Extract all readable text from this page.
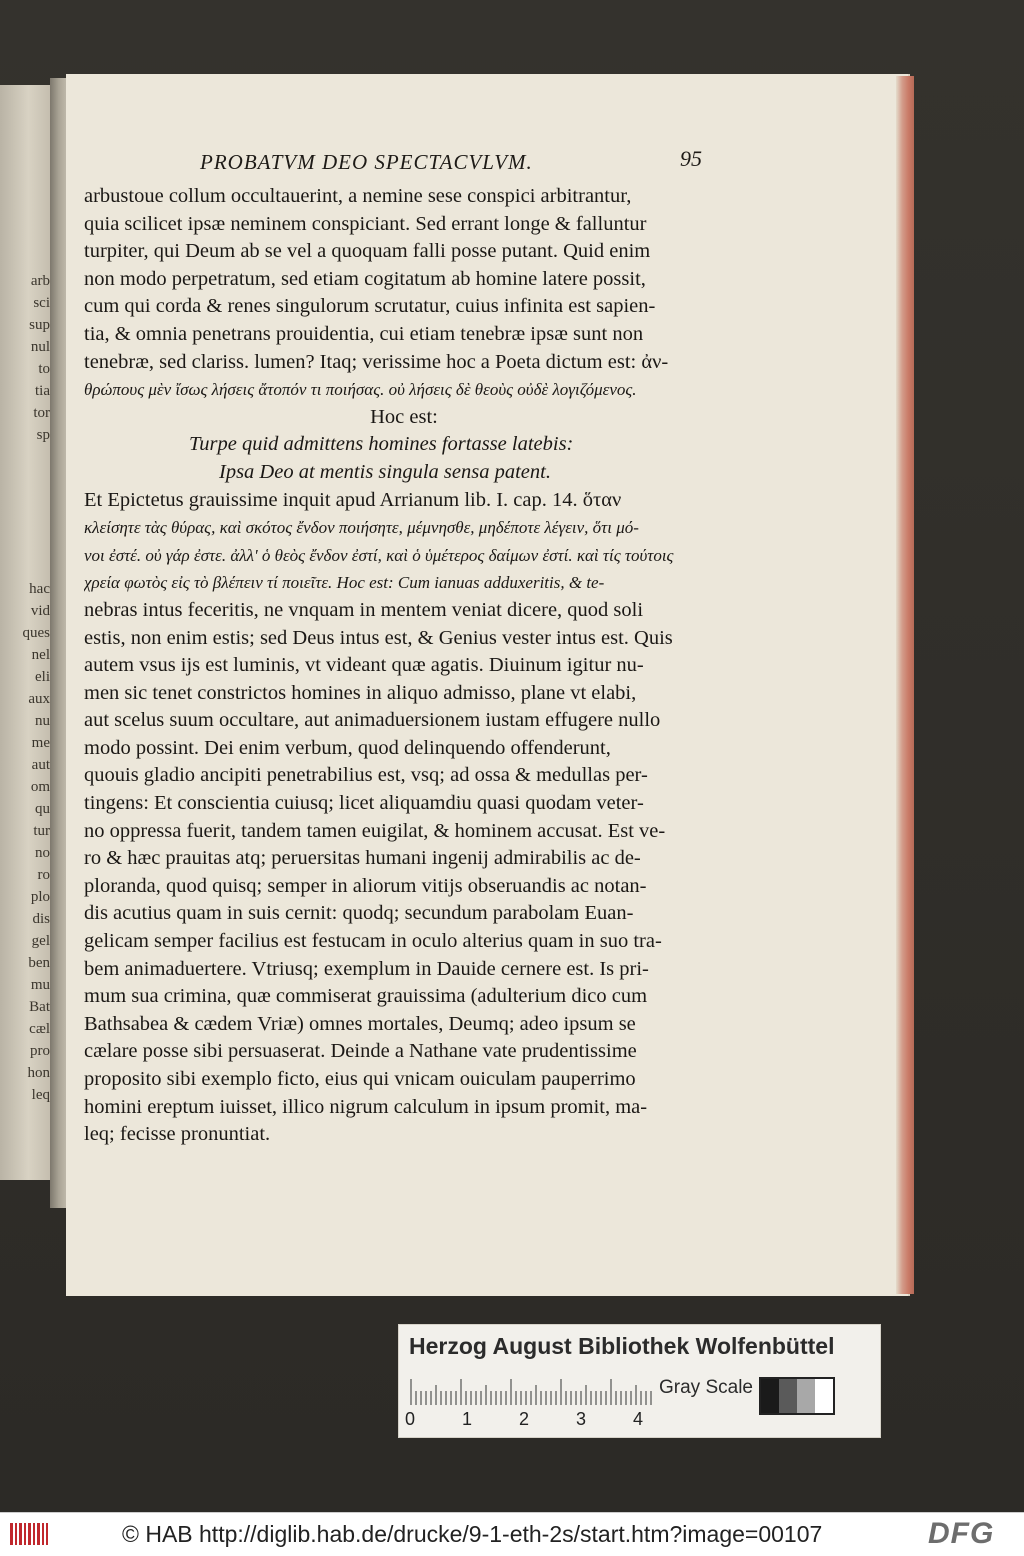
arb
sci
sup
nul
to
tia
tor
sp
hac
vid
ques
nel
eli
aux
nu
me
aut
om
qu
tur
no
ro
plo
dis
gel
ben
mu
Bat
cæl
pro
hon
leq
PROBATVM DEO SPECTACVLVM.	95
arbustoue collum occultauerint, a nemine sese conspici arbitrantur,
quia scilicet ipsæ neminem conspiciant. Sed errant longe & falluntur
turpiter, qui Deum ab se vel a quoquam falli posse putant. Quid enim
non modo perpetratum, sed etiam cogitatum ab homine latere possit,
cum qui corda & renes singulorum scrutatur, cuius infinita est sapien-
tia, & omnia penetrans prouidentia, cui etiam tenebræ ipsæ sunt non
tenebræ, sed clariss. lumen? Itaq; verissime hoc a Poeta dictum est: ἀν-
θρώπους μὲν ἴσως λήσεις ἄτοπόν τι ποιήσας. οὐ λήσεις δὲ θεοὺς οὐδὲ λογιζόμενος.
Hoc est:
Turpe quid admittens homines fortasse latebis:
Ipsa Deo at mentis singula sensa patent.
Et Epictetus grauissime inquit apud Arrianum lib. I. cap. 14. ὅταν
κλείσητε τὰς θύρας, καὶ σκότος ἔνδον ποιήσητε, μέμνησθε, μηδέποτε λέγειν, ὅτι μό-
νοι ἐστέ. οὐ γάρ ἐστε. ἀλλ' ὁ θεὸς ἔνδον ἐστί, καὶ ὁ ὑμέτερος δαίμων ἐστί. καὶ τίς τούτοις
χρεία φωτὸς εἰς τὸ βλέπειν τί ποιεῖτε. Hoc est: Cum ianuas adduxeritis, & te-
nebras intus feceritis, ne vnquam in mentem veniat dicere, quod soli
estis, non enim estis; sed Deus intus est, & Genius vester intus est. Quis
autem vsus ijs est luminis, vt videant quæ agatis. Diuinum igitur nu-
men sic tenet constrictos homines in aliquo admisso, plane vt elabi,
aut scelus suum occultare, aut animaduersionem iustam effugere nullo
modo possint. Dei enim verbum, quod delinquendo offenderunt,
quouis gladio ancipiti penetrabilius est, vsq; ad ossa & medullas per-
tingens: Et conscientia cuiusq; licet aliquamdiu quasi quodam veter-
no oppressa fuerit, tandem tamen euigilat, & hominem accusat. Est ve-
ro & hæc prauitas atq; peruersitas humani ingenij admirabilis ac de-
ploranda, quod quisq; semper in aliorum vitijs obseruandis ac notan-
dis acutius quam in suis cernit: quodq; secundum parabolam Euan-
gelicam semper facilius est festucam in oculo alterius quam in suo tra-
bem animaduertere. Vtriusq; exemplum in Dauide cernere est. Is pri-
mum sua crimina, quæ commiserat grauissima (adulterium dico cum
Bathsabea & cædem Vriæ) omnes mortales, Deumq; adeo ipsum se
cælare posse sibi persuaserat. Deinde a Nathane vate prudentissime
proposito sibi exemplo ficto, eius qui vnicam ouiculam pauperrimo
homini ereptum iuisset, illico nigrum calculum in ipsum promit, ma-
leq; fecisse pronuntiat.
Herzog August Bibliothek Wolfenbüttel
0	1	2	3	4
Gray Scale
© HAB http://diglib.hab.de/drucke/9-1-eth-2s/start.htm?image=00107	DFG
